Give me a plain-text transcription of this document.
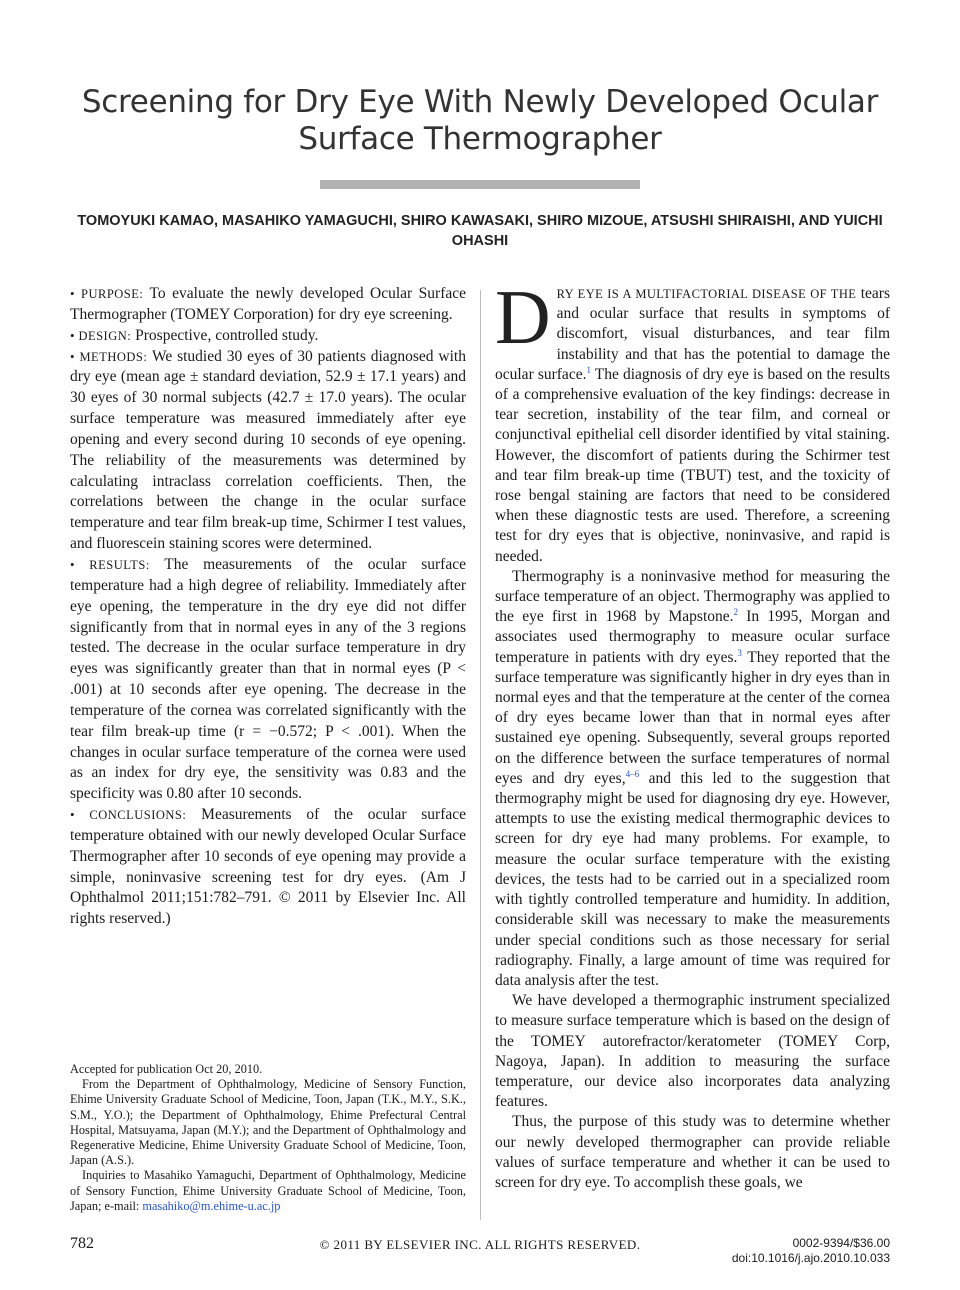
Screening for Dry Eye With Newly Developed Ocular Surface Thermographer
TOMOYUKI KAMAO, MASAHIKO YAMAGUCHI, SHIRO KAWASAKI, SHIRO MIZOUE, ATSUSHI SHIRAISHI, AND YUICHI OHASHI

• PURPOSE: To evaluate the newly developed Ocular Surface Thermographer (TOMEY Corporation) for dry eye screening.

• DESIGN: Prospective, controlled study.

• METHODS: We studied 30 eyes of 30 patients diagnosed with dry eye (mean age ± standard deviation, 52.9 ± 17.1 years) and 30 eyes of 30 normal subjects (42.7 ± 17.0 years). The ocular surface temperature was measured immediately after eye opening and every second during 10 seconds of eye opening. The reliability of the measurements was determined by calculating intraclass correlation coefficients. Then, the correlations between the change in the ocular surface temperature and tear film break-up time, Schirmer I test values, and fluorescein staining scores were determined.

• RESULTS: The measurements of the ocular surface temperature had a high degree of reliability. Immediately after eye opening, the temperature in the dry eye did not differ significantly from that in normal eyes in any of the 3 regions tested. The decrease in the ocular surface temperature in dry eyes was significantly greater than that in normal eyes (P < .001) at 10 seconds after eye opening. The decrease in the temperature of the cornea was correlated significantly with the tear film break-up time (r = −0.572; P < .001). When the changes in ocular surface temperature of the cornea were used as an index for dry eye, the sensitivity was 0.83 and the specificity was 0.80 after 10 seconds.

• CONCLUSIONS: Measurements of the ocular surface temperature obtained with our newly developed Ocular Surface Thermographer after 10 seconds of eye opening may provide a simple, noninvasive screening test for dry eyes. (Am J Ophthalmol 2011;151:782–791. © 2011 by Elsevier Inc. All rights reserved.)

DRY EYE IS A MULTIFACTORIAL DISEASE OF THE tears and ocular surface that results in symptoms of discomfort, visual disturbances, and tear film instability and that has the potential to damage the ocular surface.$^1$ The diagnosis of dry eye is based on the results of a comprehensive evaluation of the key findings: decrease in tear secretion, instability of the tear film, and corneal or conjunctival epithelial cell disorder identified by vital staining. However, the discomfort of patients during the Schirmer test and tear film break-up time (TBUT) test, and the toxicity of rose bengal staining are factors that need to be considered when these diagnostic tests are used. Therefore, a screening test for dry eyes that is objective, noninvasive, and rapid is needed.

Thermography is a noninvasive method for measuring the surface temperature of an object. Thermography was applied to the eye first in 1968 by Mapstone.$^2$ In 1995, Morgan and associates used thermography to measure ocular surface temperature in patients with dry eyes.$^3$ They reported that the surface temperature was significantly higher in dry eyes than in normal eyes and that the temperature at the center of the cornea of dry eyes became lower than that in normal eyes after sustained eye opening. Subsequently, several groups reported on the difference between the surface temperatures of normal eyes and dry eyes,$^{4-6}$ and this led to the suggestion that thermography might be used for diagnosing dry eye. However, attempts to use the existing medical thermographic devices to screen for dry eye had many problems. For example, to measure the ocular surface temperature with the existing devices, the tests had to be carried out in a specialized room with tightly controlled temperature and humidity. In addition, considerable skill was necessary to make the measurements under special conditions such as those necessary for serial radiography. Finally, a large amount of time was required for data analysis after the test.

We have developed a thermographic instrument specialized to measure surface temperature which is based on the design of the TOMEY autorefractor/keratometer (TOMEY Corp, Nagoya, Japan). In addition to measuring the surface temperature, our device also incorporates data analyzing features.

Thus, the purpose of this study was to determine whether our newly developed thermographer can provide reliable values of surface temperature and whether it can be used to screen for dry eye. To accomplish these goals, we

Accepted for publication Oct 20, 2010.

From the Department of Ophthalmology, Medicine of Sensory Function, Ehime University Graduate School of Medicine, Toon, Japan (T.K., M.Y., S.K., S.M., Y.O.); the Department of Ophthalmology, Ehime Prefectural Central Hospital, Matsuyama, Japan (M.Y.); and the Department of Ophthalmology and Regenerative Medicine, Ehime University Graduate School of Medicine, Toon, Japan (A.S.).

Inquiries to Masahiko Yamaguchi, Department of Ophthalmology, Medicine of Sensory Function, Ehime University Graduate School of Medicine, Toon, Japan; e-mail: masahiko@m.ehime-u.ac.jp

782	© 2011 BY ELSEVIER INC. ALL RIGHTS RESERVED.	0002-9394/$36.00
doi:10.1016/j.ajo.2010.10.033
